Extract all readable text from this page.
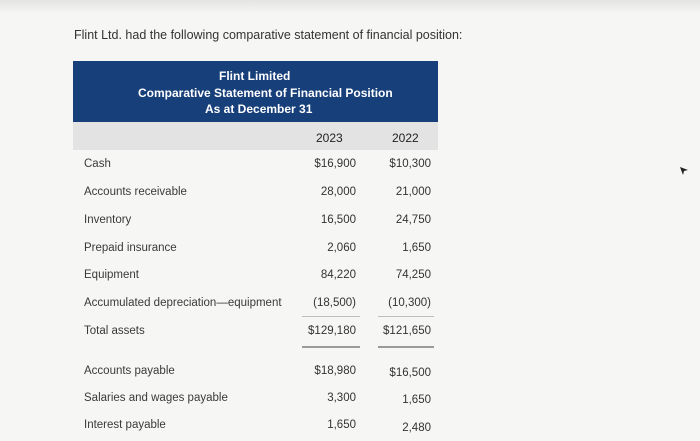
Flint Ltd. had the following comparative statement of financial position:

Flint Limited
Comparative Statement of Financial Position
As at December 31
2023	2022
Cash	$16,900	$10,300
Accounts receivable	28,000	21,000
Inventory	16,500	24,750
Prepaid insurance	2,060	1,650
Equipment	84,220	74,250
Accumulated depreciation—equipment	(18,500)	(10,300)
Total assets	$129,180 $121,650
Accounts payable	$18,980	$16,500
Salaries and wages payable	3,300	1,650
Interest payable	1,650	2,480
